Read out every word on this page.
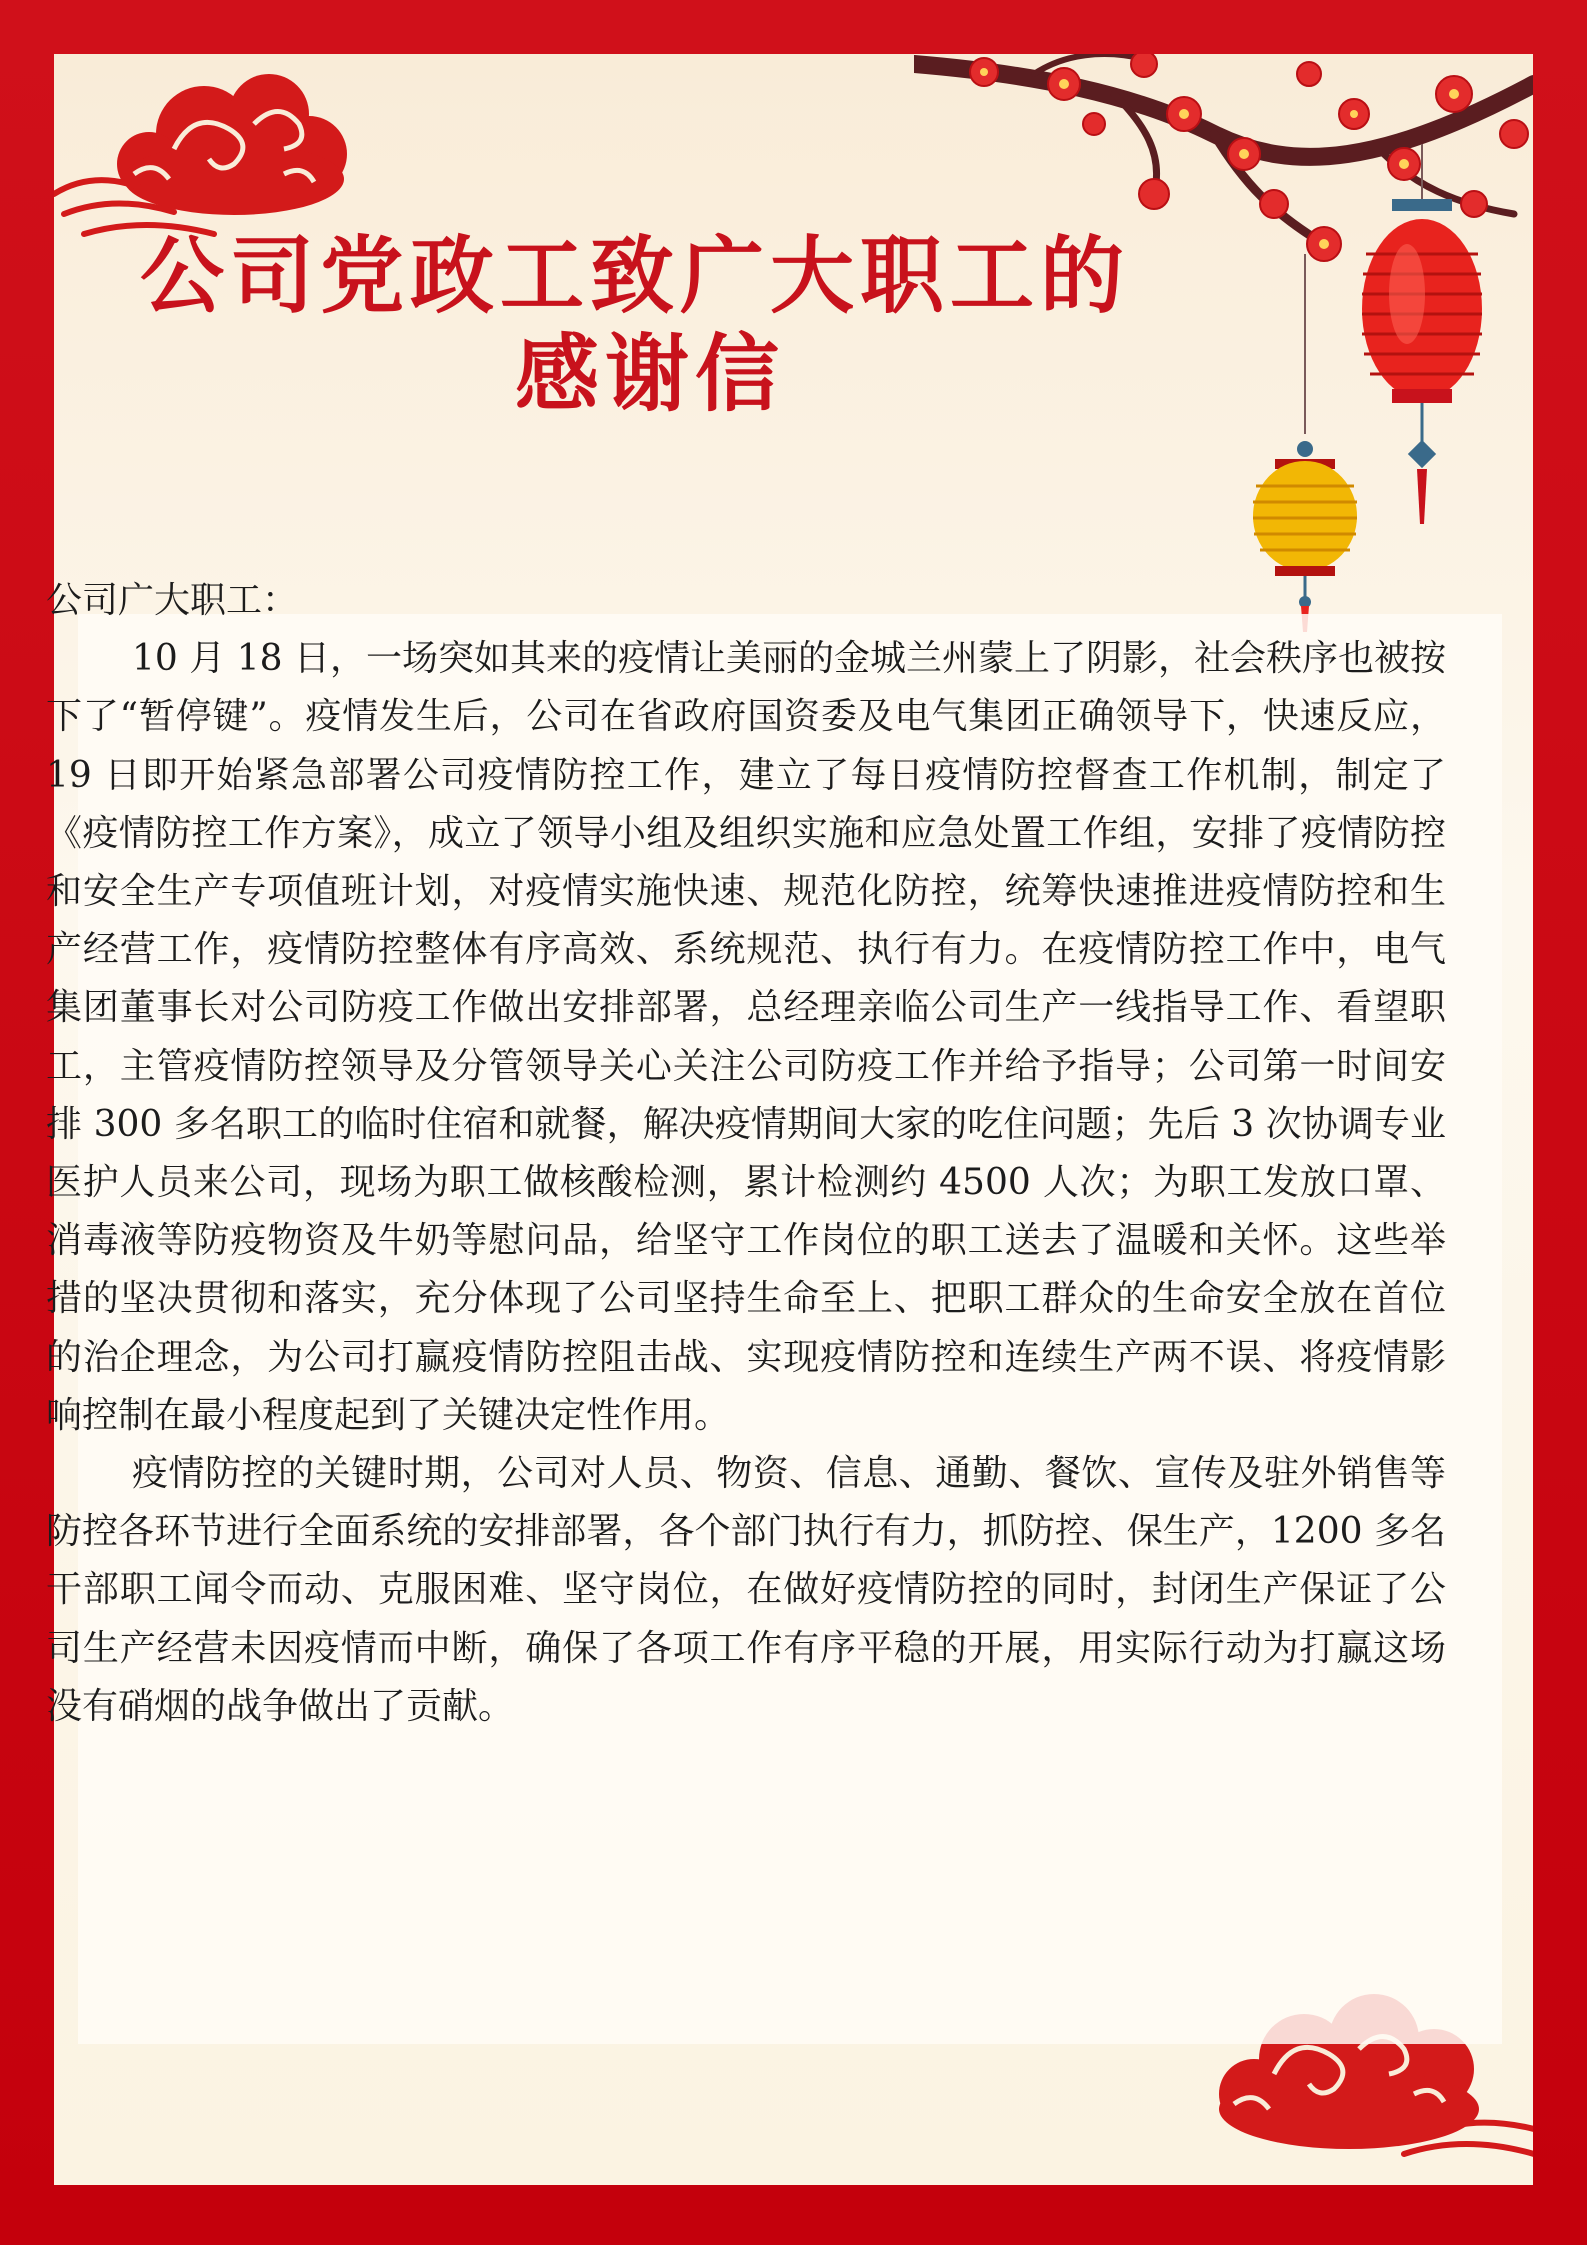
公司党政工致广大职工的
感谢信

公司广大职工：

10 月 18 日，一场突如其来的疫情让美丽的金城兰州蒙上了阴影，社会秩序也被按下了“暂停键”。疫情发生后，公司在省政府国资委及电气集团正确领导下，快速反应，19 日即开始紧急部署公司疫情防控工作，建立了每日疫情防控督查工作机制，制定了《疫情防控工作方案》，成立了领导小组及组织实施和应急处置工作组，安排了疫情防控和安全生产专项值班计划，对疫情实施快速、规范化防控，统筹快速推进疫情防控和生产经营工作，疫情防控整体有序高效、系统规范、执行有力。在疫情防控工作中，电气集团董事长对公司防疫工作做出安排部署，总经理亲临公司生产一线指导工作、看望职工，主管疫情防控领导及分管领导关心关注公司防疫工作并给予指导；公司第一时间安排 300 多名职工的临时住宿和就餐，解决疫情期间大家的吃住问题；先后 3 次协调专业医护人员来公司，现场为职工做核酸检测，累计检测约 4500 人次；为职工发放口罩、消毒液等防疫物资及牛奶等慰问品，给坚守工作岗位的职工送去了温暖和关怀。这些举措的坚决贯彻和落实，充分体现了公司坚持生命至上、把职工群众的生命安全放在首位的治企理念，为公司打赢疫情防控阻击战、实现疫情防控和连续生产两不误、将疫情影响控制在最小程度起到了关键决定性作用。

疫情防控的关键时期，公司对人员、物资、信息、通勤、餐饮、宣传及驻外销售等防控各环节进行全面系统的安排部署，各个部门执行有力，抓防控、保生产，1200 多名干部职工闻令而动、克服困难、坚守岗位，在做好疫情防控的同时，封闭生产保证了公司生产经营未因疫情而中断，确保了各项工作有序平稳的开展，用实际行动为打赢这场没有硝烟的战争做出了贡献。
